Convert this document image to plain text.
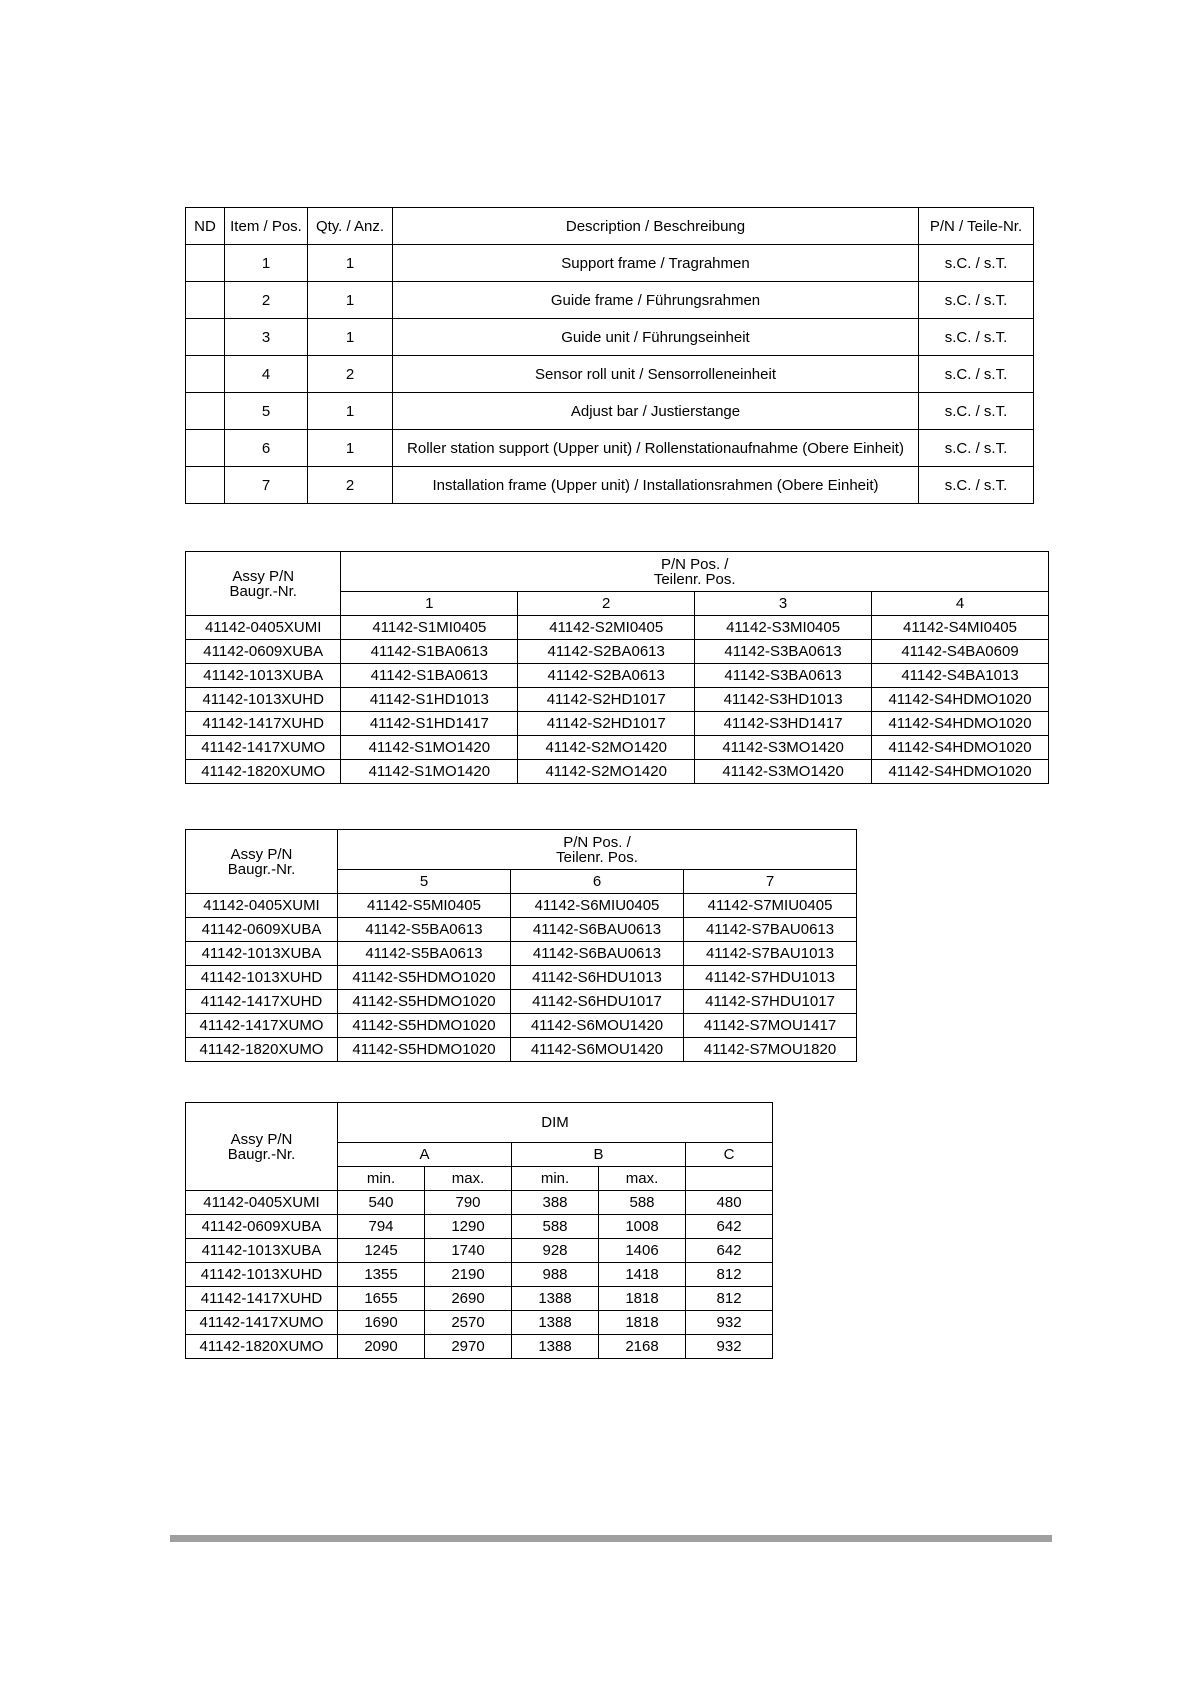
ND	Item / Pos.	Qty. / Anz.	Description / Beschreibung	P/N / Teile-Nr.
	1	1	Support frame / Tragrahmen	s.C. / s.T.
	2	1	Guide frame / Führungsrahmen	s.C. / s.T.
	3	1	Guide unit / Führungseinheit	s.C. / s.T.
	4	2	Sensor roll unit / Sensorrolleneinheit	s.C. / s.T.
	5	1	Adjust bar / Justierstange	s.C. / s.T.
	6	1	Roller station support (Upper unit) / Rollenstationaufnahme (Obere Einheit)	s.C. / s.T.
	7	2	Installation frame (Upper unit) / Installationsrahmen (Obere Einheit)	s.C. / s.T.
Assy P/N
Baugr.-Nr.	P/N Pos. /
Teilenr. Pos.			

	1	2	3	4
41142-0405XUMI	41142-S1MI0405	41142-S2MI0405	41142-S3MI0405	41142-S4MI0405
41142-0609XUBA	41142-S1BA0613	41142-S2BA0613	41142-S3BA0613	41142-S4BA0609
41142-1013XUBA	41142-S1BA0613	41142-S2BA0613	41142-S3BA0613	41142-S4BA1013
41142-1013XUHD	41142-S1HD1013	41142-S2HD1017	41142-S3HD1013	41142-S4HDMO1020
41142-1417XUHD	41142-S1HD1417	41142-S2HD1017	41142-S3HD1417	41142-S4HDMO1020
41142-1417XUMO	41142-S1MO1420	41142-S2MO1420	41142-S3MO1420	41142-S4HDMO1020
41142-1820XUMO	41142-S1MO1420	41142-S2MO1420	41142-S3MO1420	41142-S4HDMO1020
Assy P/N
Baugr.-Nr.	P/N Pos. /
Teilenr. Pos.		

	5	6	7
41142-0405XUMI	41142-S5MI0405	41142-S6MIU0405	41142-S7MIU0405
41142-0609XUBA	41142-S5BA0613	41142-S6BAU0613	41142-S7BAU0613
41142-1013XUBA	41142-S5BA0613	41142-S6BAU0613	41142-S7BAU1013
41142-1013XUHD	41142-S5HDMO1020	41142-S6HDU1013	41142-S7HDU1013
41142-1417XUHD	41142-S5HDMO1020	41142-S6HDU1017	41142-S7HDU1017
41142-1417XUMO	41142-S5HDMO1020	41142-S6MOU1420	41142-S7MOU1417
41142-1820XUMO	41142-S5HDMO1020	41142-S6MOU1420	41142-S7MOU1820
Assy P/N
Baugr.-Nr.	DIM				
	A		B		C
	min.	max.	min.	max.	
41142-0405XUMI	540	790	388	588	480
41142-0609XUBA	794	1290	588	1008	642
41142-1013XUBA	1245	1740	928	1406	642
41142-1013XUHD	1355	2190	988	1418	812
41142-1417XUHD	1655	2690	1388	1818	812
41142-1417XUMO	1690	2570	1388	1818	932
41142-1820XUMO	2090	2970	1388	2168	932
